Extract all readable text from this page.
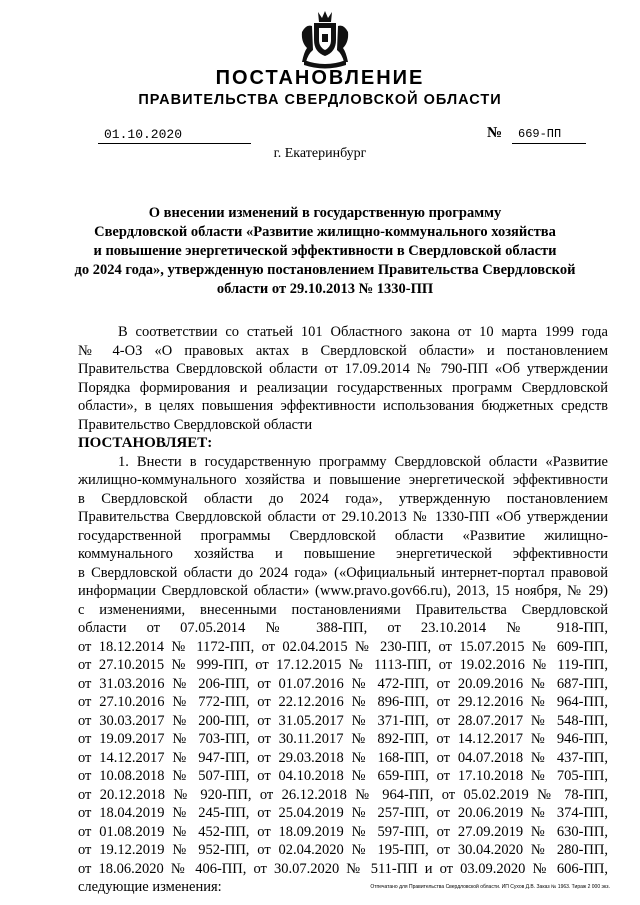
ПОСТАНОВЛЕНИЕ
ПРАВИТЕЛЬСТВА СВЕРДЛОВСКОЙ ОБЛАСТИ
01.10.2020	№	669-ПП
г. Екатеринбург
О внесении изменений в государственную программу
Свердловской области «Развитие жилищно-коммунального хозяйства
и повышение энергетической эффективности в Свердловской области
до 2024 года», утвержденную постановлением Правительства Свердловской
области от 29.10.2013 № 1330-ПП
В соответствии со статьей 101 Областного закона от 10 марта 1999 года
№ 4-ОЗ «О правовых актах в Свердловской области» и постановлением
Правительства Свердловской области от 17.09.2014 № 790-ПП «Об утверждении
Порядка формирования и реализации государственных программ Свердловской
области», в целях повышения эффективности использования бюджетных средств
Правительство Свердловской области
ПОСТАНОВЛЯЕТ:
1. Внести в государственную программу Свердловской области «Развитие
жилищно-коммунального хозяйства и повышение энергетической эффективности
в Свердловской области до 2024 года», утвержденную постановлением
Правительства Свердловской области от 29.10.2013 № 1330-ПП «Об утверждении
государственной программы Свердловской области «Развитие жилищно-
коммунального хозяйства и повышение энергетической эффективности
в Свердловской области до 2024 года» («Официальный интернет-портал правовой
информации Свердловской области» (www.pravo.gov66.ru), 2013, 15 ноября, № 29)
с изменениями, внесенными постановлениями Правительства Свердловской
области от 07.05.2014 № 388-ПП, от 23.10.2014 № 918-ПП,
от 18.12.2014 № 1172-ПП, от 02.04.2015 № 230-ПП, от 15.07.2015 № 609-ПП,
от 27.10.2015 № 999-ПП, от 17.12.2015 № 1113-ПП, от 19.02.2016 № 119-ПП,
от 31.03.2016 № 206-ПП, от 01.07.2016 № 472-ПП, от 20.09.2016 № 687-ПП,
от 27.10.2016 № 772-ПП, от 22.12.2016 № 896-ПП, от 29.12.2016 № 964-ПП,
от 30.03.2017 № 200-ПП, от 31.05.2017 № 371-ПП, от 28.07.2017 № 548-ПП,
от 19.09.2017 № 703-ПП, от 30.11.2017 № 892-ПП, от 14.12.2017 № 946-ПП,
от 14.12.2017 № 947-ПП, от 29.03.2018 № 168-ПП, от 04.07.2018 № 437-ПП,
от 10.08.2018 № 507-ПП, от 04.10.2018 № 659-ПП, от 17.10.2018 № 705-ПП,
от 20.12.2018 № 920-ПП, от 26.12.2018 № 964-ПП, от 05.02.2019 № 78-ПП,
от 18.04.2019 № 245-ПП, от 25.04.2019 № 257-ПП, от 20.06.2019 № 374-ПП,
от 01.08.2019 № 452-ПП, от 18.09.2019 № 597-ПП, от 27.09.2019 № 630-ПП,
от 19.12.2019 № 952-ПП, от 02.04.2020 № 195-ПП, от 30.04.2020 № 280-ПП,
от 18.06.2020 № 406-ПП, от 30.07.2020 № 511-ПП и от 03.09.2020 № 606-ПП,
следующие изменения:	Отпечатано для Правительства Свердловской области. ИП Сухов Д.В. Заказ № 1963. Тираж 2 000 экз.
